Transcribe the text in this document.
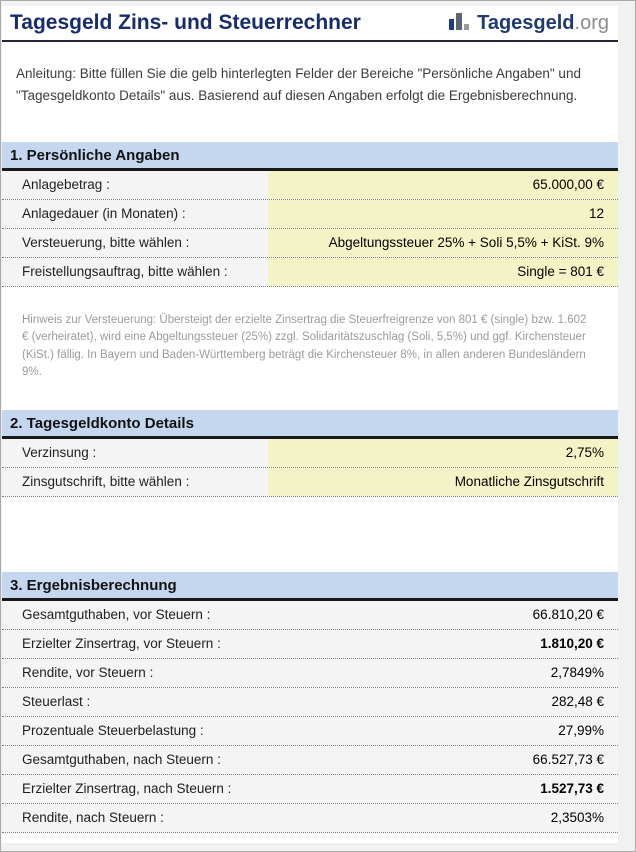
Tagesgeld Zins- und Steuerrechner	Tagesgeld .org

Anleitung: Bitte füllen Sie die gelb hinterlegten Felder der Bereiche "Persönliche Angaben" und "Tagesgeldkonto Details" aus. Basierend auf diesen Angaben erfolgt die Ergebnisberechnung.

1. Persönliche Angaben
Anlagebetrag :	65.000,00 €
Anlagedauer (in Monaten) :	12
Versteuerung, bitte wählen :	Abgeltungssteuer 25% + Soli 5,5% + KiSt. 9%
Freistellungsauftrag, bitte wählen :	Single = 801 €

Hinweis zur Versteuerung: Übersteigt der erzielte Zinsertrag die Steuerfreigrenze von 801 € (single) bzw. 1.602 € (verheiratet), wird eine Abgeltungssteuer (25%) zzgl. Solidaritätszuschlag (Soli, 5,5%) und ggf. Kirchensteuer (KiSt.) fällig. In Bayern und Baden-Württemberg beträgt die Kirchensteuer 8%, in allen anderen Bundesländern 9%.

2. Tagesgeldkonto Details
Verzinsung :	2,75%
Zinsgutschrift, bitte wählen :	Monatliche Zinsgutschrift
3. Ergebnisberechnung
Gesamtguthaben, vor Steuern :	66.810,20 €
Erzielter Zinsertrag, vor Steuern :	1.810,20 €
Rendite, vor Steuern :	2,7849%
Steuerlast :	282,48 €
Prozentuale Steuerbelastung :	27,99%
Gesamtguthaben, nach Steuern :	66.527,73 €
Erzielter Zinsertrag, nach Steuern :	1.527,73 €
Rendite, nach Steuern :	2,3503%
